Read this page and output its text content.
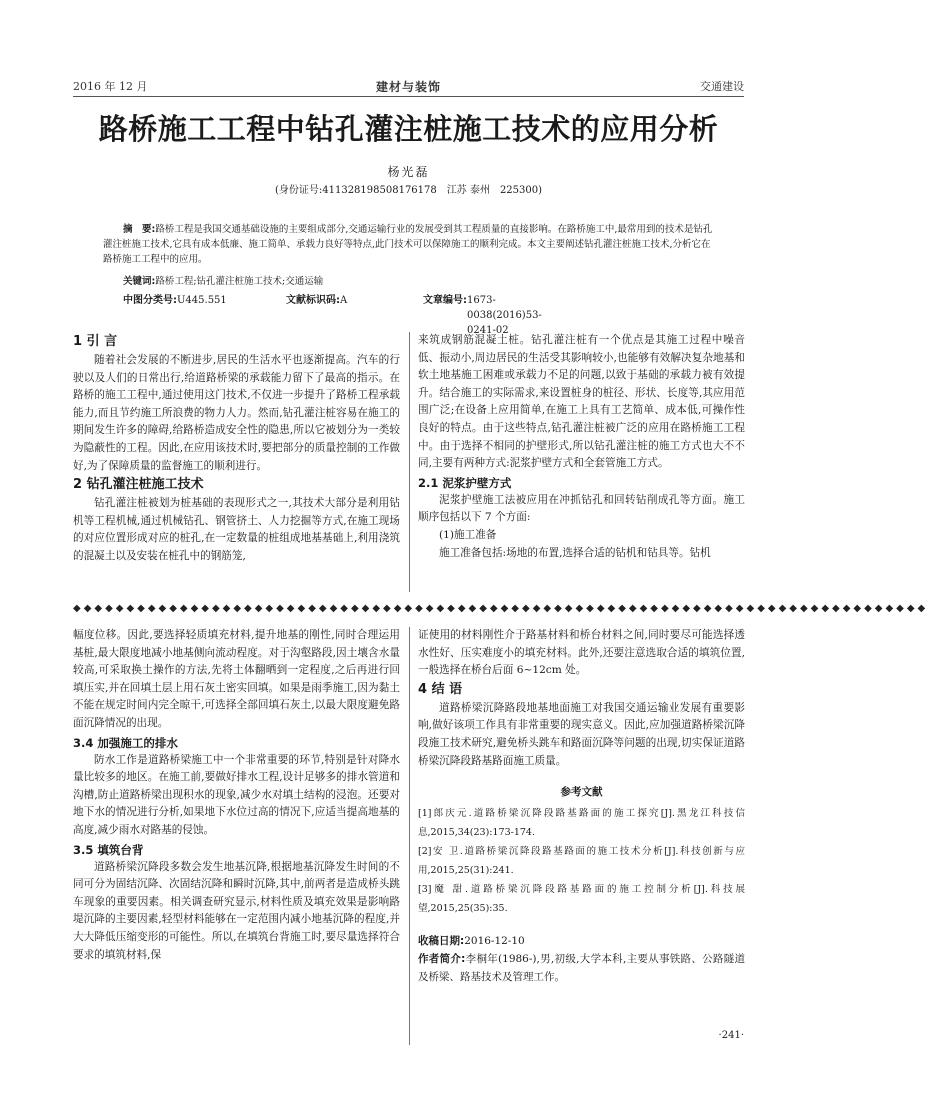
2016 年 12 月	建材与装饰	交通建设
路桥施工工程中钻孔灌注桩施工技术的应用分析
杨光磊
(身份证号:411328198508176178　江苏 泰州　225300)
摘　要:路桥工程是我国交通基础设施的主要组成部分,交通运输行业的发展受到其工程质量的直接影响。在路桥施工中,最常用到的技术是钻孔灌注桩施工技术,它具有成本低廉、施工简单、承载力良好等特点,此门技术可以保障施工的顺利完成。本文主要阐述钻孔灌注桩施工技术,分析它在路桥施工工程中的应用。
关键词:路桥工程;钻孔灌注桩施工技术;交通运输
中图分类号: U445.551	文献标识码: A	文章编号: 1673-0038(2016)53-0241-02
1 引 言

随着社会发展的不断进步,居民的生活水平也逐渐提高。汽车的行驶以及人们的日常出行,给道路桥梁的承载能力留下了最高的指示。在路桥的施工工程中,通过使用这门技术,不仅进一步提升了路桥工程承载能力,而且节约施工所浪费的物力人力。然而,钻孔灌注桩容易在施工的期间发生许多的障碍,给路桥造成安全性的隐患,所以它被划分为一类较为隐蔽性的工程。因此,在应用该技术时,要把部分的质量控制的工作做好,为了保障质量的监督施工的顺利进行。

2 钻孔灌注桩施工技术

钻孔灌注桩被划为桩基础的表现形式之一,其技术大部分是利用钻机等工程机械,通过机械钻孔、钢管挤土、人力挖掘等方式,在施工现场的对应位置形成对应的桩孔,在一定数量的桩组成地基基础上,利用浇筑的混凝土以及安装在桩孔中的钢筋笼,

来筑成钢筋混凝土桩。钻孔灌注桩有一个优点是其施工过程中噪音低、振动小,周边居民的生活受其影响较小,也能够有效解决复杂地基和软土地基施工困难或承载力不足的问题,以致于基础的承载力被有效提升。结合施工的实际需求,来设置桩身的桩径、形状、长度等,其应用范围广泛;在设备上应用简单,在施工上具有工艺简单、成本低,可操作性良好的特点。由于这些特点,钻孔灌注桩被广泛的应用在路桥施工工程中。由于选择不相同的护壁形式,所以钻孔灌注桩的施工方式也大不不同,主要有两种方式:泥浆护壁方式和全套管施工方式。

2.1 泥浆护壁方式

泥浆护壁施工法被应用在冲抓钻孔和回转钻削成孔等方面。施工顺序包括以下 7 个方面:

(1)施工准备

施工准备包括:场地的布置,选择合适的钻机和钻具等。钻机

◆◆◆◆◆◆◆◆◆◆◆◆◆◆◆◆◆◆◆◆◆◆◆◆◆◆◆◆◆◆◆◆◆◆◆◆◆◆◆◆◆◆◆◆◆◆◆◆◆◆◆◆◆◆◆◆◆◆◆◆◆◆◆◆◆◆◆◆◆◆◆◆◆◆◆◆◆◆◆◆

幅度位移。因此,要选择轻质填充材料,提升地基的刚性,同时合理运用基桩,最大限度地减小地基侧向流动程度。对于沟壑路段,因土壤含水量较高,可采取换土操作的方法,先将土体翻晒到一定程度,之后再进行回填压实,并在回填土层上用石灰土密实回填。如果是雨季施工,因为黏土不能在规定时间内完全晾干,可选择全部回填石灰土,以最大限度避免路面沉降情况的出现。

3.4 加强施工的排水

防水工作是道路桥梁施工中一个非常重要的环节,特别是针对降水量比较多的地区。在施工前,要做好排水工程,设计足够多的排水管道和沟槽,防止道路桥梁出现积水的现象,减少水对填土结构的浸泡。还要对地下水的情况进行分析,如果地下水位过高的情况下,应适当提高地基的高度,减少雨水对路基的侵蚀。

3.5 填筑台背

道路桥梁沉降段多数会发生地基沉降,根据地基沉降发生时间的不同可分为固结沉降、次固结沉降和瞬时沉降,其中,前两者是造成桥头跳车现象的重要因素。相关调查研究显示,材料性质及填充效果是影响路堤沉降的主要因素,轻型材料能够在一定范围内减小地基沉降的程度,并大大降低压缩变形的可能性。所以,在填筑台背施工时,要尽量选择符合要求的填筑材料,保

证使用的材料刚性介于路基材料和桥台材料之间,同时要尽可能选择透水性好、压实难度小的填充材料。此外,还要注意选取合适的填筑位置,一般选择在桥台后面 6~12cm 处。

4 结 语

道路桥梁沉降路段地基地面施工对我国交通运输业发展有重要影响,做好该项工作具有非常重要的现实意义。因此,应加强道路桥梁沉降段施工技术研究,避免桥头跳车和路面沉降等问题的出现,切实保证道路桥梁沉降段路基路面施工质量。

参考文献

[1]郎庆元.道路桥梁沉降段路基路面的施工探究[J].黑龙江科技信息,2015,34(23):173-174.

[2]安 卫.道路桥梁沉降段路基路面的施工技术分析[J].科技创新与应用,2015,25(31):241.

[3]魔 甜.道路桥梁沉降段路基路面的施工控制分析[J].科技展望,2015,25(35):35.

收稿日期:2016-12-10

作者简介:李桐年(1986-),男,初级,大学本科,主要从事铁路、公路隧道及桥梁、路基技术及管理工作。

·241·
